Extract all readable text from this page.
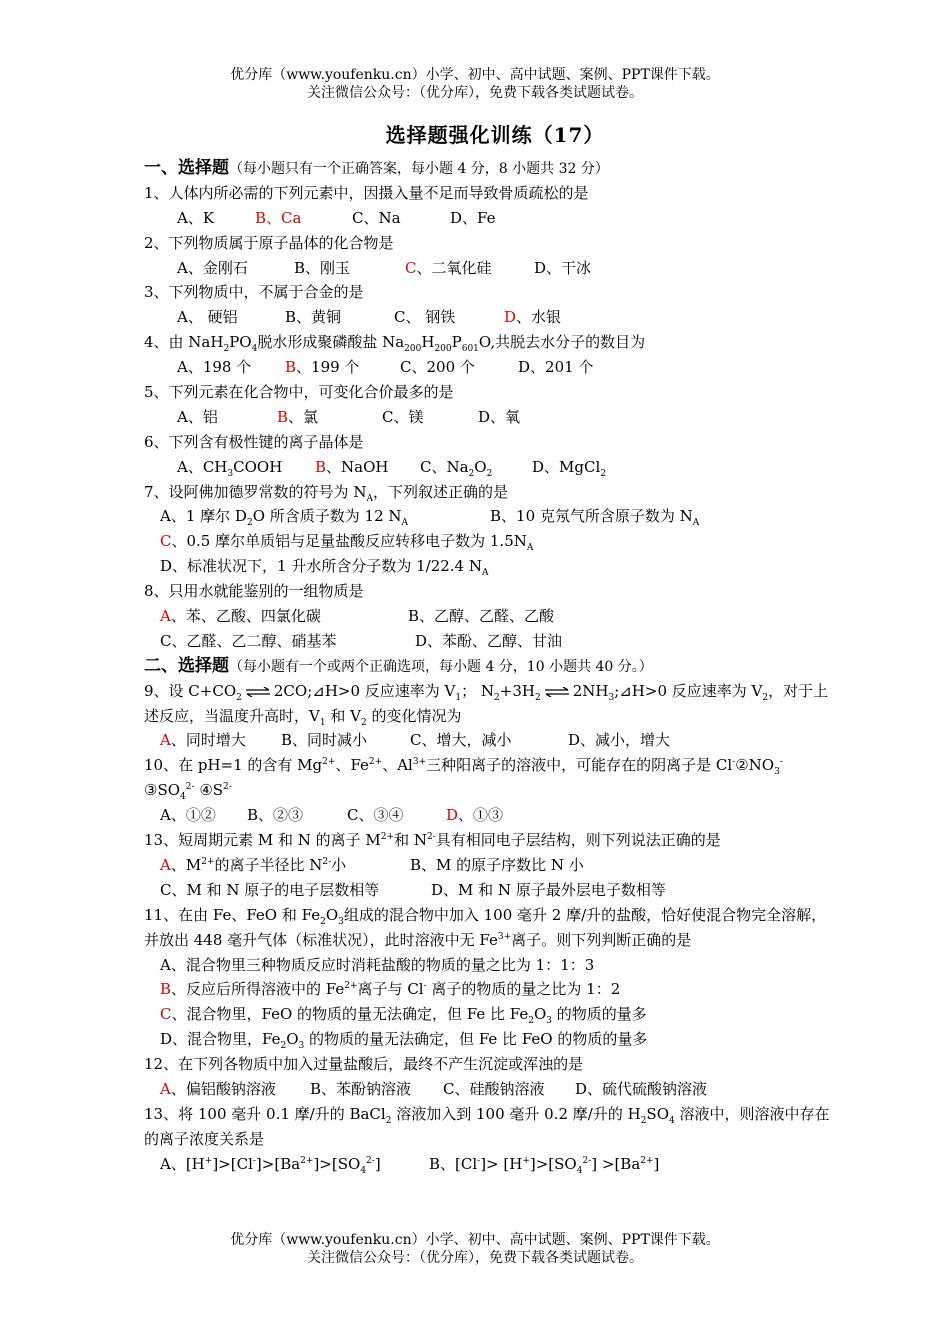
优分库（www.youfenku.cn）小学、初中、高中试题、案例、PPT课件下载。
关注微信公众号：（优分库），免费下载各类试题试卷。
选择题强化训练（17）
一、选择题（每小题只有一个正确答案，每小题 4 分，8 小题共 32 分）
1、人体内所必需的下列元素中，因摄入量不足而导致骨质疏松的是
A、K	B、Ca	C、Na	D、Fe
2、下列物质属于原子晶体的化合物是
A、金刚石	B、刚玉	C、二氧化硅	D、干冰
3、下列物质中，不属于合金的是
A、 硬铝	B、黄铜	C、 钢铁	D、水银
4、由 $NaH_2PO_4$脱水形成聚磷酸盐 $Na_{200}H_{200}P_{601}O$,共脱去水分子的数目为
A、198 个 B、199 个	C、200 个	D、201 个
5、下列元素在化合物中，可变化合价最多的是
A、铝	B、氯	C、镁	D、氧
6、下列含有极性键的离子晶体是
A、$CH_3COOH$ B、NaOH C、$Na_2O_2$	D、MgCl$_2$
7、设阿佛加德罗常数的符号为 $N_A$，下列叙述正确的是
A、1 摩尔 $D_2O$ 所含质子数为 12 $N_A$	B、10 克氖气所含原子数为 $N_A$
C、0.5 摩尔单质铝与足量盐酸反应转移电子数为 $1.5N_A$
D、标准状况下，1 升水所含分子数为 1/22.4 $N_A$
8、只用水就能鉴别的一组物质是
A、苯、乙酸、四氯化碳	B、乙醇、乙醛、乙酸
C、乙醛、乙二醇、硝基苯	D、苯酚、乙醇、甘油
二、选择题（每小题有一个或两个正确选项，每小题 4 分，10 小题共 40 分。）
9、设 $C+CO_2$ ⇌ 2CO;⊿H>0 反应速率为 $V_1$； $N_2+3H_2$ ⇌ $2NH_3;⊿H>0$ 反应速率为 $V_2$，对于上
述反应，当温度升高时，$V_1$ 和 $V_2$ 的变化情况为
A、同时增大 B、同时减小	C、增大，减小	D、减小，增大
10、在 pH=1 的含有 $Mg^{2+}$、$Fe^{2+}$、$Al^{3+}$三种阳离子的溶液中，可能存在的阴离子是 $Cl^-②NO_3^-$
$③SO_4^{2-}$ $④S^{2-}$
A、①② B、②③	C、③④	D、①③
13、短周期元素 M 和 N 的离子 $M^{2+}$和 $N^{2-}$具有相同电子层结构，则下列说法正确的是
A、$M^{2+}$的离子半径比 $N^{2-}$小	B、M 的原子序数比 N 小
C、M 和 N 原子的电子层数相等	D、M 和 N 原子最外层电子数相等
11、在由 Fe、FeO 和 $Fe_2O_3$组成的混合物中加入 100 毫升 2 摩/升的盐酸，恰好使混合物完全溶解，
并放出 448 毫升气体（标准状况），此时溶液中无 $Fe^{3+}$离子。则下列判断正确的是
A、混合物里三种物质反应时消耗盐酸的物质的量之比为 1：1：3
B、反应后所得溶液中的 $Fe^{2+}$离子与 Cl- 离子的物质的量之比为 1：2
C、混合物里，FeO 的物质的量无法确定，但 Fe 比 $Fe_2O_3$ 的物质的量多
D、混合物里，$Fe_2O_3$ 的物质的量无法确定，但 Fe 比 FeO 的物质的量多
12、在下列各物质中加入过量盐酸后，最终不产生沉淀或浑浊的是
A、偏铝酸钠溶液 B、苯酚钠溶液 C、硅酸钠溶液 D、硫代硫酸钠溶液
13、将 100 毫升 0.1 摩/升的 BaCl$_2$ 溶液加入到 100 毫升 0.2 摩/升的 $H_2SO_4$ 溶液中，则溶液中存在
的离子浓度关系是
A、$[H^+]>[Cl^-]>[Ba^{2+}]>[SO_4^{2-}]$	B、$[Cl^-]> [H^+]>[SO_4^{2-}] >[Ba^{2+}]$
优分库（www.youfenku.cn）小学、初中、高中试题、案例、PPT课件下载。
关注微信公众号：（优分库），免费下载各类试题试卷。
